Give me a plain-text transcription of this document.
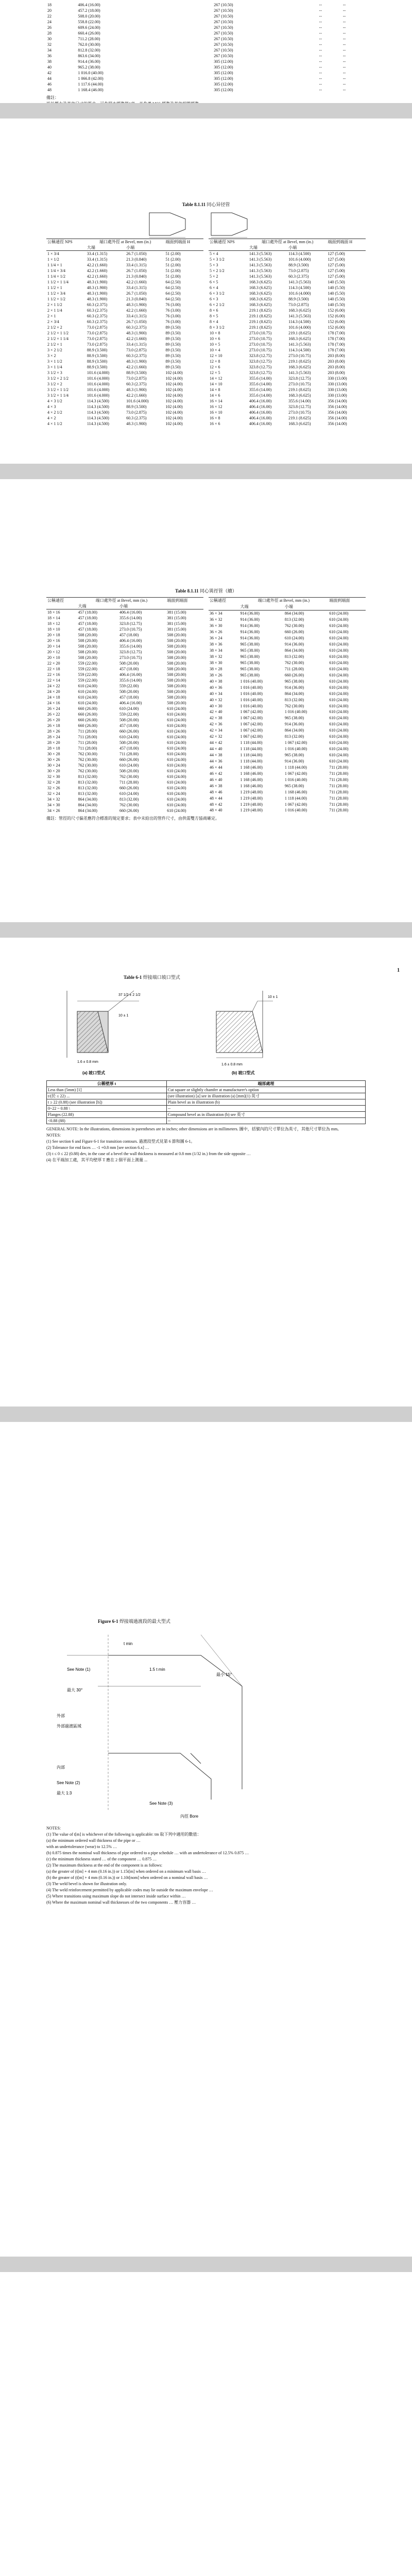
18	406.4 (16.00)	267 (10.50)	--	--
20	457.2 (18.00)	267 (10.50)	--	--
22	508.0 (20.00)	267 (10.50)	--	--
24	558.8 (22.00)	267 (10.50)	--	--
26	609.6 (24.00)	267 (10.50)	--	--
28	660.4 (26.00)	267 (10.50)	--	--
30	711.2 (28.00)	267 (10.50)	--	--
32	762.0 (30.00)	267 (10.50)	--	--
34	812.8 (32.00)	267 (10.50)	--	--
36	863.6 (34.00)	267 (10.50)	--	--
38	914.4 (36.00)	305 (12.00)	--	--
40	965.2 (38.00)	305 (12.00)	--	--
42	1 016.0 (40.00)	305 (12.00)	--	--
44	1 066.8 (42.00)	305 (12.00)	--	--
46	1 117.6 (44.00)	305 (12.00)	--	--
48	1 168.4 (46.00)	305 (12.00)	--	--
備註：
Table 8.1.11 同心异径管
公稱通徑 NPS	端口處外徑 at Bevel, mm (in.)		端面到端面 H
	大端	小端	
1 × 3/4	33.4 (1.315)	26.7 (1.050)	51 (2.00)
1 × 1/2	33.4 (1.315)	21.3 (0.840)	51 (2.00)
1 1/4 × 1	42.2 (1.660)	33.4 (1.315)	51 (2.00)
1 1/4 × 3/4	42.2 (1.660)	26.7 (1.050)	51 (2.00)
1 1/4 × 1/2	42.2 (1.660)	21.3 (0.840)	51 (2.00)
1 1/2 × 1 1/4	48.3 (1.900)	42.2 (1.660)	64 (2.50)
1 1/2 × 1	48.3 (1.900)	33.4 (1.315)	64 (2.50)
1 1/2 × 3/4	48.3 (1.900)	26.7 (1.050)	64 (2.50)
1 1/2 × 1/2	48.3 (1.900)	21.3 (0.840)	64 (2.50)
2 × 1 1/2	60.3 (2.375)	48.3 (1.900)	76 (3.00)
2 × 1 1/4	60.3 (2.375)	42.2 (1.660)	76 (3.00)
2 × 1	60.3 (2.375)	33.4 (1.315)	76 (3.00)
2 × 3/4	60.3 (2.375)	26.7 (1.050)	76 (3.00)
2 1/2 × 2	73.0 (2.875)	60.3 (2.375)	89 (3.50)
2 1/2 × 1 1/2	73.0 (2.875)	48.3 (1.900)	89 (3.50)
2 1/2 × 1 1/4	73.0 (2.875)	42.2 (1.660)	89 (3.50)
2 1/2 × 1	73.0 (2.875)	33.4 (1.315)	89 (3.50)
3 × 2 1/2	88.9 (3.500)	73.0 (2.875)	89 (3.50)
3 × 2	88.9 (3.500)	60.3 (2.375)	89 (3.50)
3 × 1 1/2	88.9 (3.500)	48.3 (1.900)	89 (3.50)
3 × 1 1/4	88.9 (3.500)	42.2 (1.660)	89 (3.50)
3 1/2 × 3	101.6 (4.000)	88.9 (3.500)	102 (4.00)
3 1/2 × 2 1/2	101.6 (4.000)	73.0 (2.875)	102 (4.00)
3 1/2 × 2	101.6 (4.000)	60.3 (2.375)	102 (4.00)
3 1/2 × 1 1/2	101.6 (4.000)	48.3 (1.900)	102 (4.00)
3 1/2 × 1 1/4	101.6 (4.000)	42.2 (1.660)	102 (4.00)
4 × 3 1/2	114.3 (4.500)	101.6 (4.000)	102 (4.00)
4 × 3	114.3 (4.500)	88.9 (3.500)	102 (4.00)
4 × 2 1/2	114.3 (4.500)	73.0 (2.875)	102 (4.00)
4 × 2	114.3 (4.500)	60.3 (2.375)	102 (4.00)
4 × 1 1/2	114.3 (4.500)	48.3 (1.900)	102 (4.00)
公稱通徑 NPS	端口處外徑 at Bevel, mm (in.)		端面到端面 H
	大端	小端	
5 × 4	141.3 (5.563)	114.3 (4.500)	127 (5.00)
5 × 3 1/2	141.3 (5.563)	101.6 (4.000)	127 (5.00)
5 × 3	141.3 (5.563)	88.9 (3.500)	127 (5.00)
5 × 2 1/2	141.3 (5.563)	73.0 (2.875)	127 (5.00)
5 × 2	141.3 (5.563)	60.3 (2.375)	127 (5.00)
6 × 5	168.3 (6.625)	141.3 (5.563)	140 (5.50)
6 × 4	168.3 (6.625)	114.3 (4.500)	140 (5.50)
6 × 3 1/2	168.3 (6.625)	101.6 (4.000)	140 (5.50)
6 × 3	168.3 (6.625)	88.9 (3.500)	140 (5.50)
6 × 2 1/2	168.3 (6.625)	73.0 (2.875)	140 (5.50)
8 × 6	219.1 (8.625)	168.3 (6.625)	152 (6.00)
8 × 5	219.1 (8.625)	141.3 (5.563)	152 (6.00)
8 × 4	219.1 (8.625)	114.3 (4.500)	152 (6.00)
8 × 3 1/2	219.1 (8.625)	101.6 (4.000)	152 (6.00)
10 × 8	273.0 (10.75)	219.1 (8.625)	178 (7.00)
10 × 6	273.0 (10.75)	168.3 (6.625)	178 (7.00)
10 × 5	273.0 (10.75)	141.3 (5.563)	178 (7.00)
10 × 4	273.0 (10.75)	114.3 (4.500)	178 (7.00)
12 × 10	323.8 (12.75)	273.0 (10.75)	203 (8.00)
12 × 8	323.8 (12.75)	219.1 (8.625)	203 (8.00)
12 × 6	323.8 (12.75)	168.3 (6.625)	203 (8.00)
12 × 5	323.8 (12.75)	141.3 (5.563)	203 (8.00)
14 × 12	355.6 (14.00)	323.8 (12.75)	330 (13.00)
14 × 10	355.6 (14.00)	273.0 (10.75)	330 (13.00)
14 × 8	355.6 (14.00)	219.1 (8.625)	330 (13.00)
14 × 6	355.6 (14.00)	168.3 (6.625)	330 (13.00)
16 × 14	406.4 (16.00)	355.6 (14.00)	356 (14.00)
16 × 12	406.4 (16.00)	323.8 (12.75)	356 (14.00)
16 × 10	406.4 (16.00)	273.0 (10.75)	356 (14.00)
16 × 8	406.4 (16.00)	219.1 (8.625)	356 (14.00)
16 × 6	406.4 (16.00)	168.3 (6.625)	356 (14.00)
Table 8.1.11 同心異徑管（續）
公稱通徑	端口處外徑 at Bevel, mm (in.)		端面到端面
	大端	小端	
18 × 16	457 (18.00)	406.4 (16.00)	381 (15.00)
18 × 14	457 (18.00)	355.6 (14.00)	381 (15.00)
18 × 12	457 (18.00)	323.8 (12.75)	381 (15.00)
18 × 10	457 (18.00)	273.0 (10.75)	381 (15.00)
20 × 18	508 (20.00)	457 (18.00)	508 (20.00)
20 × 16	508 (20.00)	406.4 (16.00)	508 (20.00)
20 × 14	508 (20.00)	355.6 (14.00)	508 (20.00)
20 × 12	508 (20.00)	323.8 (12.75)	508 (20.00)
20 × 10	508 (20.00)	273.0 (10.75)	508 (20.00)
22 × 20	559 (22.00)	508 (20.00)	508 (20.00)
22 × 18	559 (22.00)	457 (18.00)	508 (20.00)
22 × 16	559 (22.00)	406.4 (16.00)	508 (20.00)
22 × 14	559 (22.00)	355.6 (14.00)	508 (20.00)
24 × 22	610 (24.00)	559 (22.00)	508 (20.00)
24 × 20	610 (24.00)	508 (20.00)	508 (20.00)
24 × 18	610 (24.00)	457 (18.00)	508 (20.00)
24 × 16	610 (24.00)	406.4 (16.00)	508 (20.00)
26 × 24	660 (26.00)	610 (24.00)	610 (24.00)
26 × 22	660 (26.00)	559 (22.00)	610 (24.00)
26 × 20	660 (26.00)	508 (20.00)	610 (24.00)
26 × 18	660 (26.00)	457 (18.00)	610 (24.00)
28 × 26	711 (28.00)	660 (26.00)	610 (24.00)
28 × 24	711 (28.00)	610 (24.00)	610 (24.00)
28 × 20	711 (28.00)	508 (20.00)	610 (24.00)
28 × 18	711 (28.00)	457 (18.00)	610 (24.00)
30 × 28	762 (30.00)	711 (28.00)	610 (24.00)
30 × 26	762 (30.00)	660 (26.00)	610 (24.00)
30 × 24	762 (30.00)	610 (24.00)	610 (24.00)
30 × 20	762 (30.00)	508 (20.00)	610 (24.00)
32 × 30	813 (32.00)	762 (30.00)	610 (24.00)
32 × 28	813 (32.00)	711 (28.00)	610 (24.00)
32 × 26	813 (32.00)	660 (26.00)	610 (24.00)
32 × 24	813 (32.00)	610 (24.00)	610 (24.00)
34 × 32	864 (34.00)	813 (32.00)	610 (24.00)
34 × 30	864 (34.00)	762 (30.00)	610 (24.00)
34 × 26	864 (34.00)	660 (26.00)	610 (24.00)
公稱通徑	端口處外徑 at Bevel, mm (in.)		端面到端面
	大端	小端	
36 × 34	914 (36.00)	864 (34.00)	610 (24.00)
36 × 32	914 (36.00)	813 (32.00)	610 (24.00)
36 × 30	914 (36.00)	762 (30.00)	610 (24.00)
36 × 26	914 (36.00)	660 (26.00)	610 (24.00)
36 × 24	914 (36.00)	610 (24.00)	610 (24.00)
38 × 36	965 (38.00)	914 (36.00)	610 (24.00)
38 × 34	965 (38.00)	864 (34.00)	610 (24.00)
38 × 32	965 (38.00)	813 (32.00)	610 (24.00)
38 × 30	965 (38.00)	762 (30.00)	610 (24.00)
38 × 28	965 (38.00)	711 (28.00)	610 (24.00)
38 × 26	965 (38.00)	660 (26.00)	610 (24.00)
40 × 38	1 016 (40.00)	965 (38.00)	610 (24.00)
40 × 36	1 016 (40.00)	914 (36.00)	610 (24.00)
40 × 34	1 016 (40.00)	864 (34.00)	610 (24.00)
40 × 32	1 016 (40.00)	813 (32.00)	610 (24.00)
40 × 30	1 016 (40.00)	762 (30.00)	610 (24.00)
42 × 40	1 067 (42.00)	1 016 (40.00)	610 (24.00)
42 × 38	1 067 (42.00)	965 (38.00)	610 (24.00)
42 × 36	1 067 (42.00)	914 (36.00)	610 (24.00)
42 × 34	1 067 (42.00)	864 (34.00)	610 (24.00)
42 × 32	1 067 (42.00)	813 (32.00)	610 (24.00)
44 × 42	1 118 (44.00)	1 067 (42.00)	610 (24.00)
44 × 40	1 118 (44.00)	1 016 (40.00)	610 (24.00)
44 × 38	1 118 (44.00)	965 (38.00)	610 (24.00)
44 × 36	1 118 (44.00)	914 (36.00)	610 (24.00)
46 × 44	1 168 (46.00)	1 118 (44.00)	711 (28.00)
46 × 42	1 168 (46.00)	1 067 (42.00)	711 (28.00)
46 × 40	1 168 (46.00)	1 016 (40.00)	711 (28.00)
46 × 38	1 168 (46.00)	965 (38.00)	711 (28.00)
48 × 46	1 219 (48.00)	1 168 (46.00)	711 (28.00)
48 × 44	1 219 (48.00)	1 118 (44.00)	711 (28.00)
48 × 42	1 219 (48.00)	1 067 (42.00)	711 (28.00)
48 × 40	1 219 (48.00)	1 016 (40.00)	711 (28.00)
備註：管徑的尺寸偏差應符合標准的規定要求；表中未給出的管件尺寸，由供需雙方協商確定。
1
Table 6-1 焊接端口坡口型式
37 1/2 ± 2 1/2
10 ± 1
10 ± 1
1.6 ± 0.8 mm
1.6 ± 0.8 mm
(a) 坡口型式	(b) 坡口型式
公稱壁厚 t	端部處理
Less than (5mm) [1]	Cut square or slightly chamfer at manufacturer's option
t/(於 ≤ 22) ...	(see illustration) [a] see in illustration (a) [mm](1) 英寸
t ≥ 22 (0.88) (see illustration [b])	Plain bevel as in illustration (b)
0~22 ~ 0.88 \	--
Flanges (22.88)	Compound bevel as in illustration (b) see 英寸
<0.88 (88)	--
GENERAL NOTE: In the illustrations, dimensions in parentheses are in inches; other dimensions are in millimeters. 圖中，括號內的尺寸單位為英寸，其他尺寸單位為 mm。
NOTES:
(1) See section 6 and Figure 6-1 for transition contours. 過渡段型式見第 6 節和圖 6-1。
(2) Tolerance for end faces … -1 +0.8 mm [see section 6.x] …
(3) t ≤ 0 ≤ 22 (0.88) dev, in the case of a bevel the wall thickness is measured at 0.8 mm (1/32 in.) from the side opposite …
(4) 在平端加工處，其平均壁厚 T 應在 2 個平面上測量 ...
Figure 6-1 焊接端過渡段的最大型式
t min
See Note (1)
最大 30°
最小 15°
1.5 t min
外部
外部過渡區域
內部
See Note (2)
最大 1:3
See Note (3)
內徑 Bore
NOTES:
(1) The value of t[m] is whichever of the following is applicable: tm 取下列中適用的數值：
(a) the minimum ordered wall thickness of the pipe or …
with an undertolerance (wear) to 12.5% …
(b) 0.875 times the nominal wall thickness of pipe ordered to a pipe schedule … with an undertolerance of 12.5% 0.875 …
(c) the minimum thickness stated … of the component … 0.875 …
(2) The maximum thickness at the end of the component is as follows:
(a) the greater of (t[m] + 4 mm (0.16 in.)) or 1.15t[m] when ordered on a minimum wall basis …
(b) the greater of (t[m] + 4 mm (0.16 in.)) or 1.10t[nom] when ordered on a nominal wall basis …
(3) The weld bevel is shown for illustration only.
(4) The weld reinforcement permitted by applicable codes may lie outside the maximum envelope …
(5) Where transitions using maximum slope do not intersect inside surface within …
(6) Where the maximum nominal wall thicknesses of the two components … 壓力容器 …
